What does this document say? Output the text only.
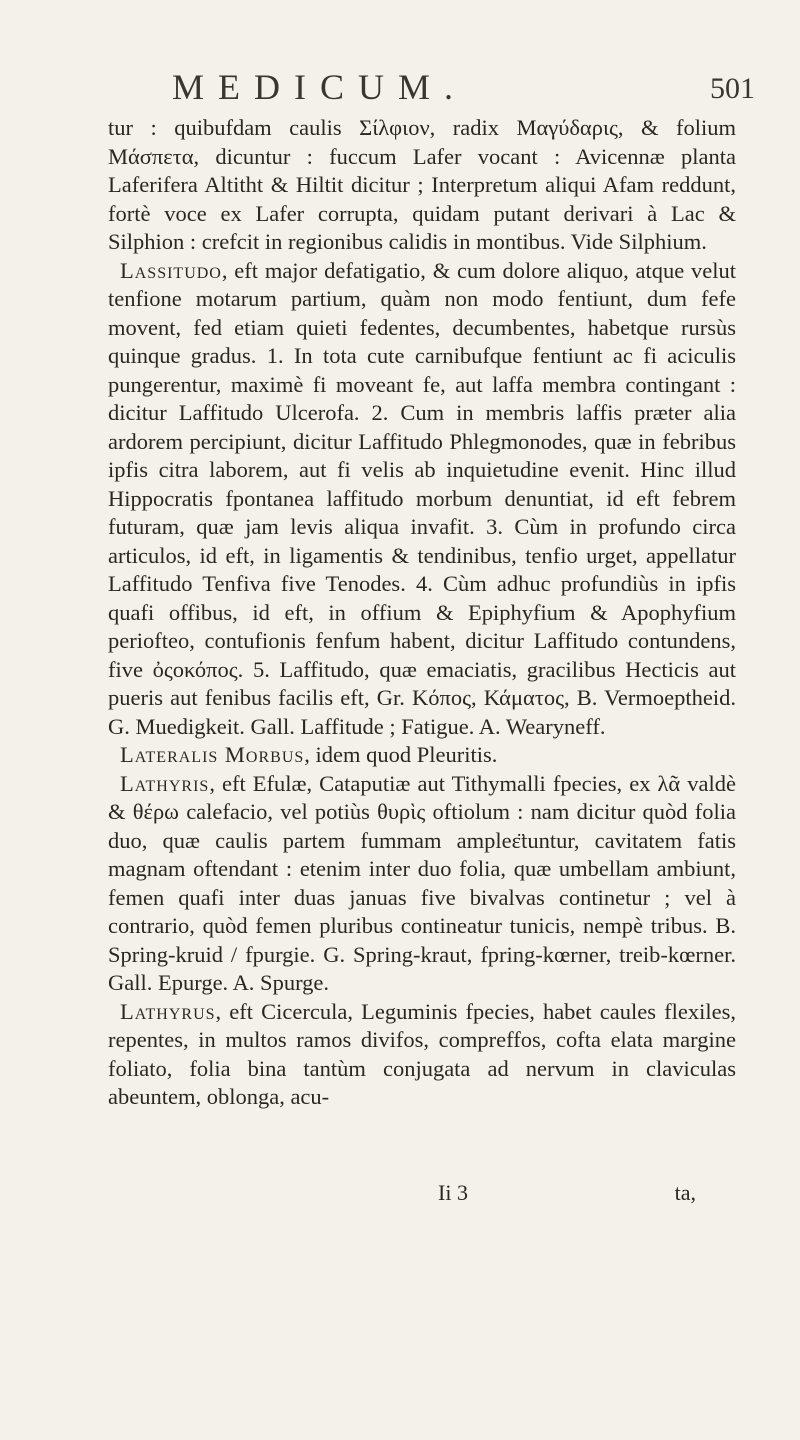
MEDICUM.	501

tur : quibufdam caulis Σίλφιον, radix Μαγύδαρις, & folium Μάσπετα, dicuntur : fuccum Lafer vocant : Avicennæ planta Laferifera Altitht & Hiltit dicitur ; Interpretum aliqui Afam reddunt, fortè voce ex Lafer corrupta, quidam putant derivari à Lac & Silphion : crefcit in regionibus calidis in montibus. Vide Silphium.

Lassitudo, eft major defatigatio, & cum dolore aliquo, atque velut tenfione motarum partium, quàm non modo fentiunt, dum fefe movent, fed etiam quieti fedentes, decumbentes, habetque rursùs quinque gradus. 1. In tota cute carnibufque fentiunt ac fi aciculis pungerentur, maximè fi moveant fe, aut laffa membra contingant : dicitur Laffitudo Ulcerofa. 2. Cum in membris laffis præter alia ardorem percipiunt, dicitur Laffitudo Phlegmonodes, quæ in febribus ipfis citra laborem, aut fi velis ab inquietudine evenit. Hinc illud Hippocratis fpontanea laffitudo morbum denuntiat, id eft febrem futuram, quæ jam levis aliqua invafit. 3. Cùm in profundo circa articulos, id eft, in ligamentis & tendinibus, tenfio urget, appellatur Laffitudo Tenfiva five Tenodes. 4. Cùm adhuc profundiùs in ipfis quafi offibus, id eft, in offium & Epiphyfium & Apophyfium periofteo, contufionis fenfum habent, dicitur Laffitudo contundens, five ὀςοκόπος. 5. Laffitudo, quæ emaciatis, gracilibus Hecticis aut pueris aut fenibus facilis eft, Gr. Κόπος, Κάματος, B. Vermoeptheid. G. Muedigkeit. Gall. Laffitude ; Fatigue. A. Wearyneff.

Lateralis Morbus, idem quod Pleuritis.

Lathyris, eft Efulæ, Cataputiæ aut Tithymalli fpecies, ex λᾶ valdè & θέρω calefacio, vel potiùs θυρὶς oftiolum : nam dicitur quòd folia duo, quæ caulis partem fummam ampleɛ̈tuntur, cavitatem fatis magnam oftendant : etenim inter duo folia, quæ umbellam ambiunt, femen quafi inter duas januas five bivalvas continetur ; vel à contrario, quòd femen pluribus contineatur tunicis, nempè tribus. B. Spring-kruid / fpurgie. G. Spring-kraut, fpring-kœrner, treib-kœrner. Gall. Epurge. A. Spurge.

Lathyrus, eft Cicercula, Leguminis fpecies, habet caules flexiles, repentes, in multos ramos divifos, compreffos, cofta elata margine foliato, folia bina tantùm conjugata ad nervum in claviculas abeuntem, oblonga, acu-

Ii 3	ta,
